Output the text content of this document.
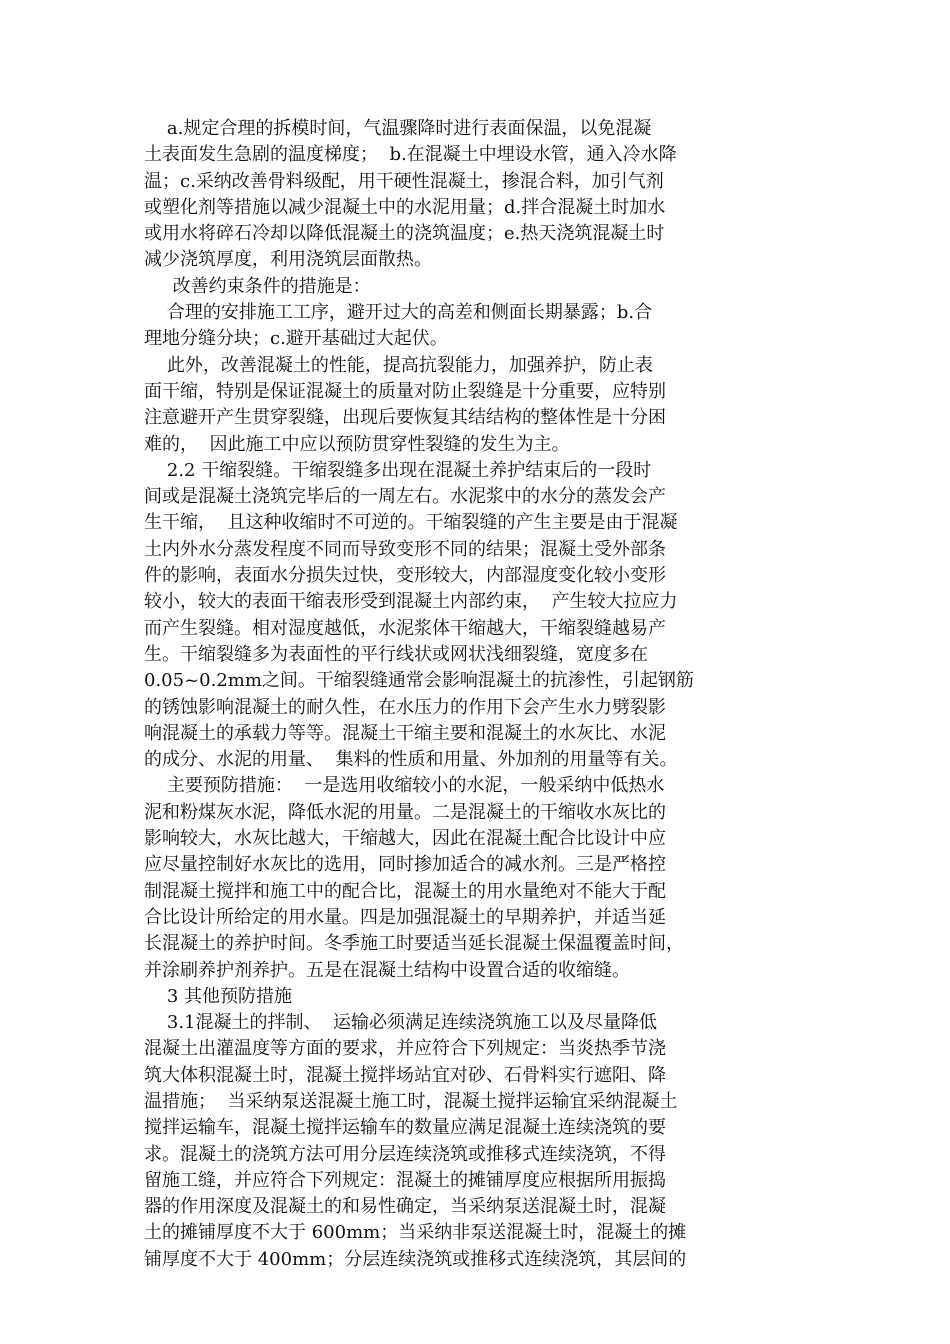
a.规定合理的拆模时间，气温骤降时进行表面保温，以免混凝
土表面发生急剧的温度梯度；  b.在混凝土中埋设水管，通入冷水降
温；c.采纳改善骨料级配，用干硬性混凝土，掺混合料，加引气剂
或塑化剂等措施以减少混凝土中的水泥用量；d.拌合混凝土时加水
或用水将碎石冷却以降低混凝土的浇筑温度；e.热天浇筑混凝土时
减少浇筑厚度，利用浇筑层面散热。
改善约束条件的措施是：
合理的安排施工工序，避开过大的高差和侧面长期暴露；b.合
理地分缝分块；c.避开基础过大起伏。
此外，改善混凝土的性能，提高抗裂能力，加强养护，防止表
面干缩，特别是保证混凝土的质量对防止裂缝是十分重要，应特别
注意避开产生贯穿裂缝，出现后要恢复其结结构的整体性是十分困
难的，  因此施工中应以预防贯穿性裂缝的发生为主。
2.2 干缩裂缝。干缩裂缝多出现在混凝土养护结束后的一段时
间或是混凝土浇筑完毕后的一周左右。水泥浆中的水分的蒸发会产
生干缩，  且这种收缩时不可逆的。干缩裂缝的产生主要是由于混凝
土内外水分蒸发程度不同而导致变形不同的结果；混凝土受外部条
件的影响，表面水分损失过快，变形较大，内部湿度变化较小变形
较小，较大的表面干缩表形受到混凝土内部约束，  产生较大拉应力
而产生裂缝。相对湿度越低，水泥浆体干缩越大，干缩裂缝越易产
生。干缩裂缝多为表面性的平行线状或网状浅细裂缝，宽度多在
0.05~0.2mm之间。干缩裂缝通常会影响混凝土的抗渗性，引起钢筋
的锈蚀影响混凝土的耐久性，在水压力的作用下会产生水力劈裂影
响混凝土的承载力等等。混凝土干缩主要和混凝土的水灰比、水泥
的成分、水泥的用量、  集料的性质和用量、外加剂的用量等有关。
主要预防措施：  一是选用收缩较小的水泥，一般采纳中低热水
泥和粉煤灰水泥，降低水泥的用量。二是混凝土的干缩收水灰比的
影响较大，水灰比越大，干缩越大，因此在混凝土配合比设计中应
应尽量控制好水灰比的选用，同时掺加适合的减水剂。三是严格控
制混凝土搅拌和施工中的配合比，混凝土的用水量绝对不能大于配
合比设计所给定的用水量。四是加强混凝土的早期养护，并适当延
长混凝土的养护时间。冬季施工时要适当延长混凝土保温覆盖时间，
并涂刷养护剂养护。五是在混凝土结构中设置合适的收缩缝。
3 其他预防措施
3.1混凝土的拌制、  运输必须满足连续浇筑施工以及尽量降低
混凝土出灌温度等方面的要求，并应符合下列规定：当炎热季节浇
筑大体积混凝土时，混凝土搅拌场站宜对砂、石骨料实行遮阳、降
温措施；  当采纳泵送混凝土施工时，混凝土搅拌运输宜采纳混凝土
搅拌运输车，混凝土搅拌运输车的数量应满足混凝土连续浇筑的要
求。混凝土的浇筑方法可用分层连续浇筑或推移式连续浇筑，不得
留施工缝，并应符合下列规定：混凝土的摊铺厚度应根据所用振捣
器的作用深度及混凝土的和易性确定，当采纳泵送混凝土时，混凝
土的摊铺厚度不大于 600mm；当采纳非泵送混凝土时，混凝土的摊
铺厚度不大于 400mm；分层连续浇筑或推移式连续浇筑，其层间的
